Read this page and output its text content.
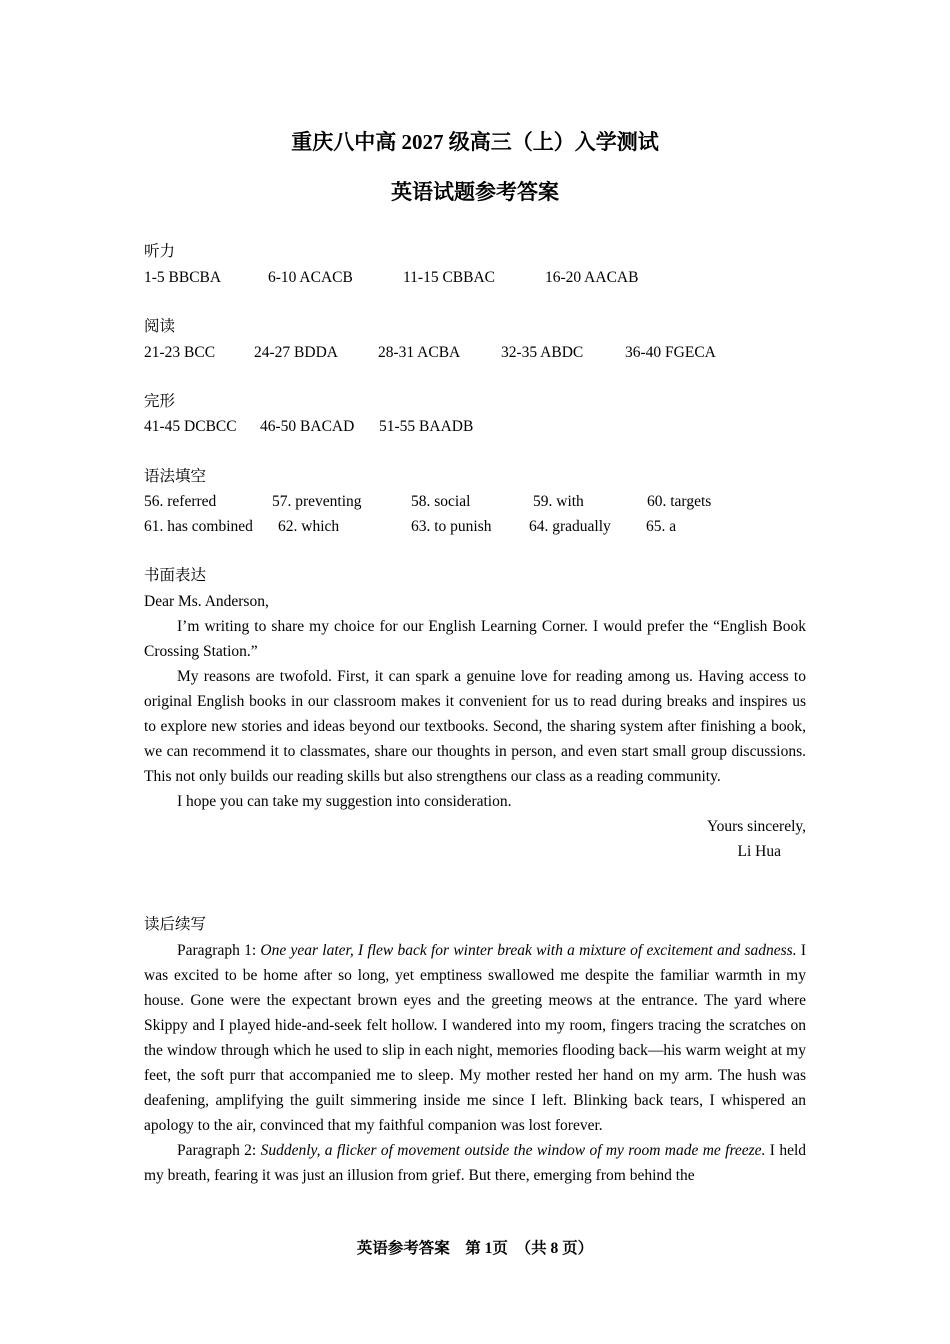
重庆八中高 2027 级高三（上）入学测试
英语试题参考答案
听力
1-5 BBCBA	6-10 ACACB	11-15 CBBAC	16-20 AACAB
阅读
21-23 BCC	24-27 BDDA	28-31 ACBA	32-35 ABDC	36-40 FGECA
完形
41-45 DCBCC 46-50 BACAD 51-55 BAADB
语法填空
56. referred	57. preventing	58. social	59. with	60. targets
61. has combined 62. which	63. to punish 64. gradually 65. a
书面表达

Dear Ms. Anderson,

I’m writing to share my choice for our English Learning Corner. I would prefer the “English Book Crossing Station.”

My reasons are twofold. First, it can spark a genuine love for reading among us. Having access to original English books in our classroom makes it convenient for us to read during breaks and inspires us to explore new stories and ideas beyond our textbooks. Second, the sharing system after finishing a book, we can recommend it to classmates, share our thoughts in person, and even start small group discussions. This not only builds our reading skills but also strengthens our class as a reading community.

I hope you can take my suggestion into consideration.

Yours sincerely,

Li Hua

读后续写

Paragraph 1: One year later, I flew back for winter break with a mixture of excitement and sadness. I was excited to be home after so long, yet emptiness swallowed me despite the familiar warmth in my house. Gone were the expectant brown eyes and the greeting meows at the entrance. The yard where Skippy and I played hide-and-seek felt hollow. I wandered into my room, fingers tracing the scratches on the window through which he used to slip in each night, memories flooding back—his warm weight at my feet, the soft purr that accompanied me to sleep. My mother rested her hand on my arm. The hush was deafening, amplifying the guilt simmering inside me since I left. Blinking back tears, I whispered an apology to the air, convinced that my faithful companion was lost forever.

Paragraph 2: Suddenly, a flicker of movement outside the window of my room made me freeze. I held my breath, fearing it was just an illusion from grief. But there, emerging from behind the

英语参考答案　第 1页　（共 8 页）
